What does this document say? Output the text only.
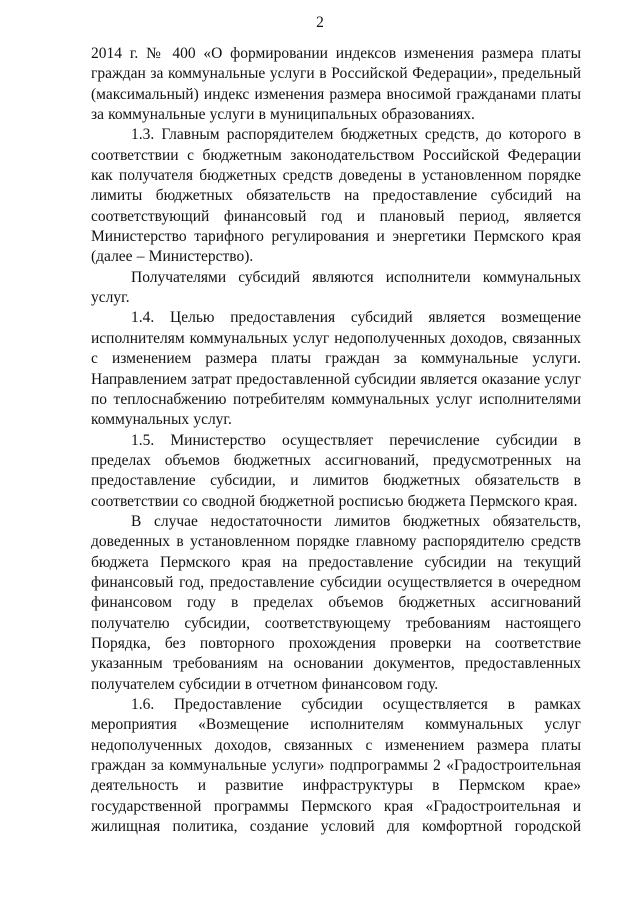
2

2014 г. № 400 «О формировании индексов изменения размера платы граждан за коммунальные услуги в Российской Федерации», предельный (максимальный) индекс изменения размера вносимой гражданами платы за коммунальные услуги в муниципальных образованиях.

1.3. Главным распорядителем бюджетных средств, до которого в соответствии с бюджетным законодательством Российской Федерации как получателя бюджетных средств доведены в установленном порядке лимиты бюджетных обязательств на предоставление субсидий на соответствующий финансовый год и плановый период, является Министерство тарифного регулирования и энергетики Пермского края (далее – Министерство).

Получателями субсидий являются исполнители коммунальных услуг.

1.4. Целью предоставления субсидий является возмещение исполнителям коммунальных услуг недополученных доходов, связанных с изменением размера платы граждан за коммунальные услуги. Направлением затрат предоставленной субсидии является оказание услуг по теплоснабжению потребителям коммунальных услуг исполнителями коммунальных услуг.

1.5. Министерство осуществляет перечисление субсидии в пределах объемов бюджетных ассигнований, предусмотренных на предоставление субсидии, и лимитов бюджетных обязательств в соответствии со сводной бюджетной росписью бюджета Пермского края.

В случае недостаточности лимитов бюджетных обязательств, доведенных в установленном порядке главному распорядителю средств бюджета Пермского края на предоставление субсидии на текущий финансовый год, предоставление субсидии осуществляется в очередном финансовом году в пределах объемов бюджетных ассигнований получателю субсидии, соответствующему требованиям настоящего Порядка, без повторного прохождения проверки на соответствие указанным требованиям на основании документов, предоставленных получателем субсидии в отчетном финансовом году.

1.6. Предоставление субсидии осуществляется в рамках мероприятия «Возмещение исполнителям коммунальных услуг недополученных доходов, связанных с изменением размера платы граждан за коммунальные услуги» подпрограммы 2 «Градостроительная деятельность и развитие инфраструктуры в Пермском крае» государственной программы Пермского края «Градостроительная и жилищная политика, создание условий для комфортной городской
